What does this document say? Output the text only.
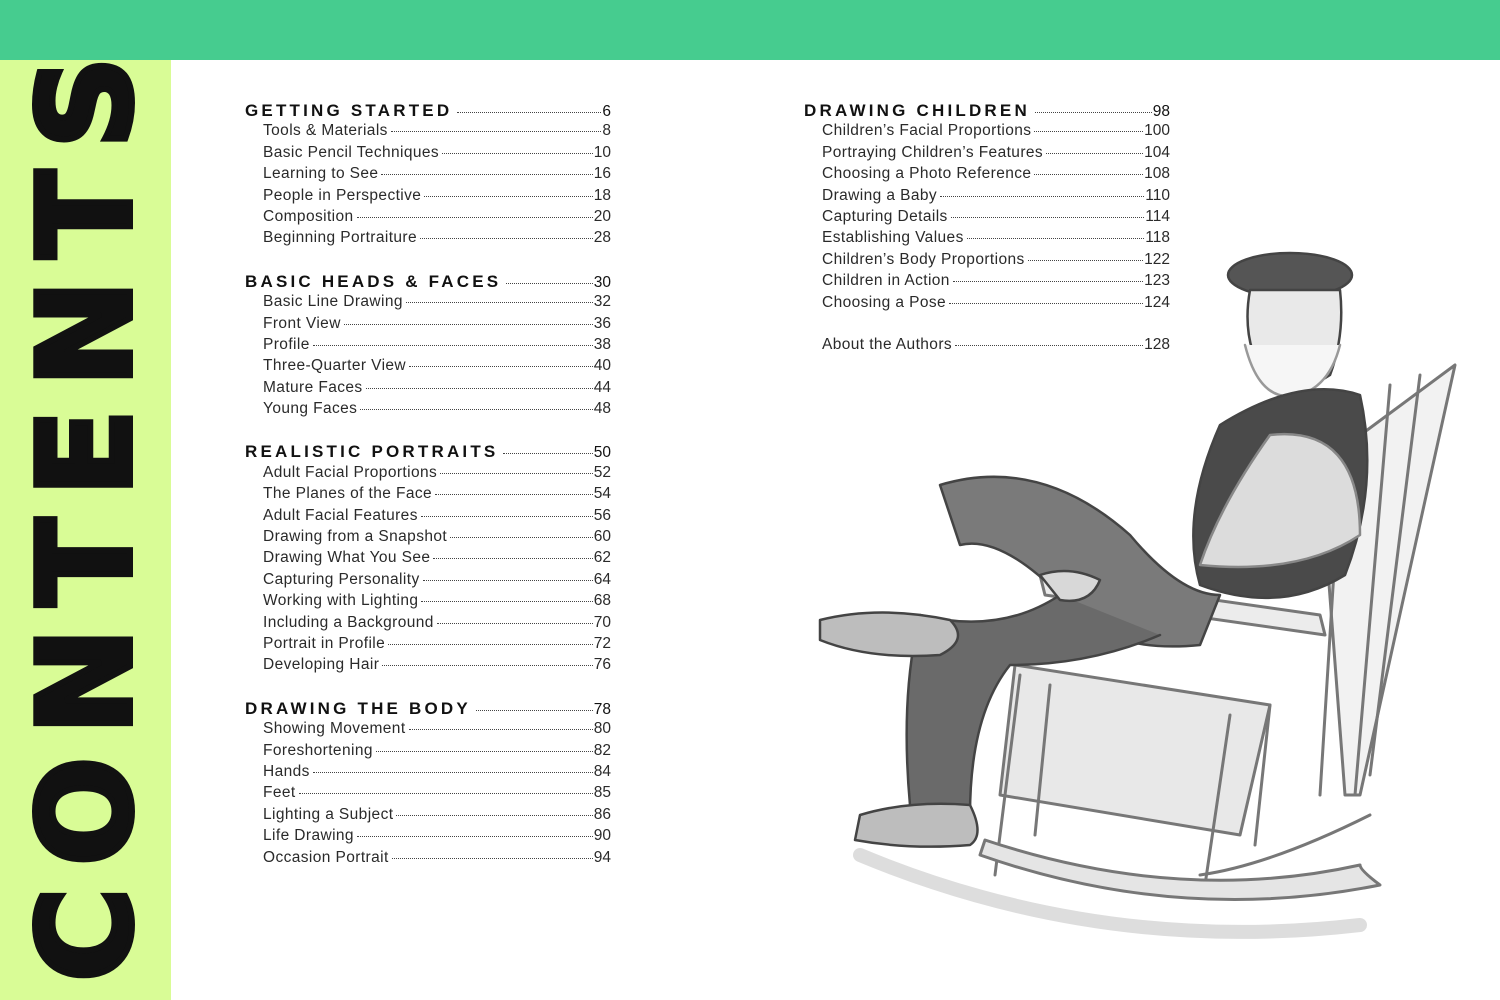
CONTENTS	GETTING STARTED	6
Tools & Materials	8
Basic Pencil Techniques	10
Learning to See	16
People in Perspective	18
Composition	20
Beginning Portraiture	28
BASIC HEADS & FACES	30
Basic Line Drawing	32
Front View	36
Profile	38
Three-Quarter View	40
Mature Faces	44
Young Faces	48
REALISTIC PORTRAITS	50
Adult Facial Proportions	52
The Planes of the Face	54
Adult Facial Features	56
Drawing from a Snapshot	60
Drawing What You See	62
Capturing Personality	64
Working with Lighting	68
Including a Background	70
Portrait in Profile	72
Developing Hair	76
DRAWING THE BODY	78
Showing Movement	80
Foreshortening	82
Hands	84
Feet	85
Lighting a Subject	86
Life Drawing	90
Occasion Portrait	94
DRAWING CHILDREN	98
Children’s Facial Proportions	100
Portraying Children’s Features	104
Choosing a Photo Reference	108
Drawing a Baby	110
Capturing Details	114
Establishing Values	118
Children’s Body Proportions	122
Children in Action	123
Choosing a Pose	124
About the Authors	128
